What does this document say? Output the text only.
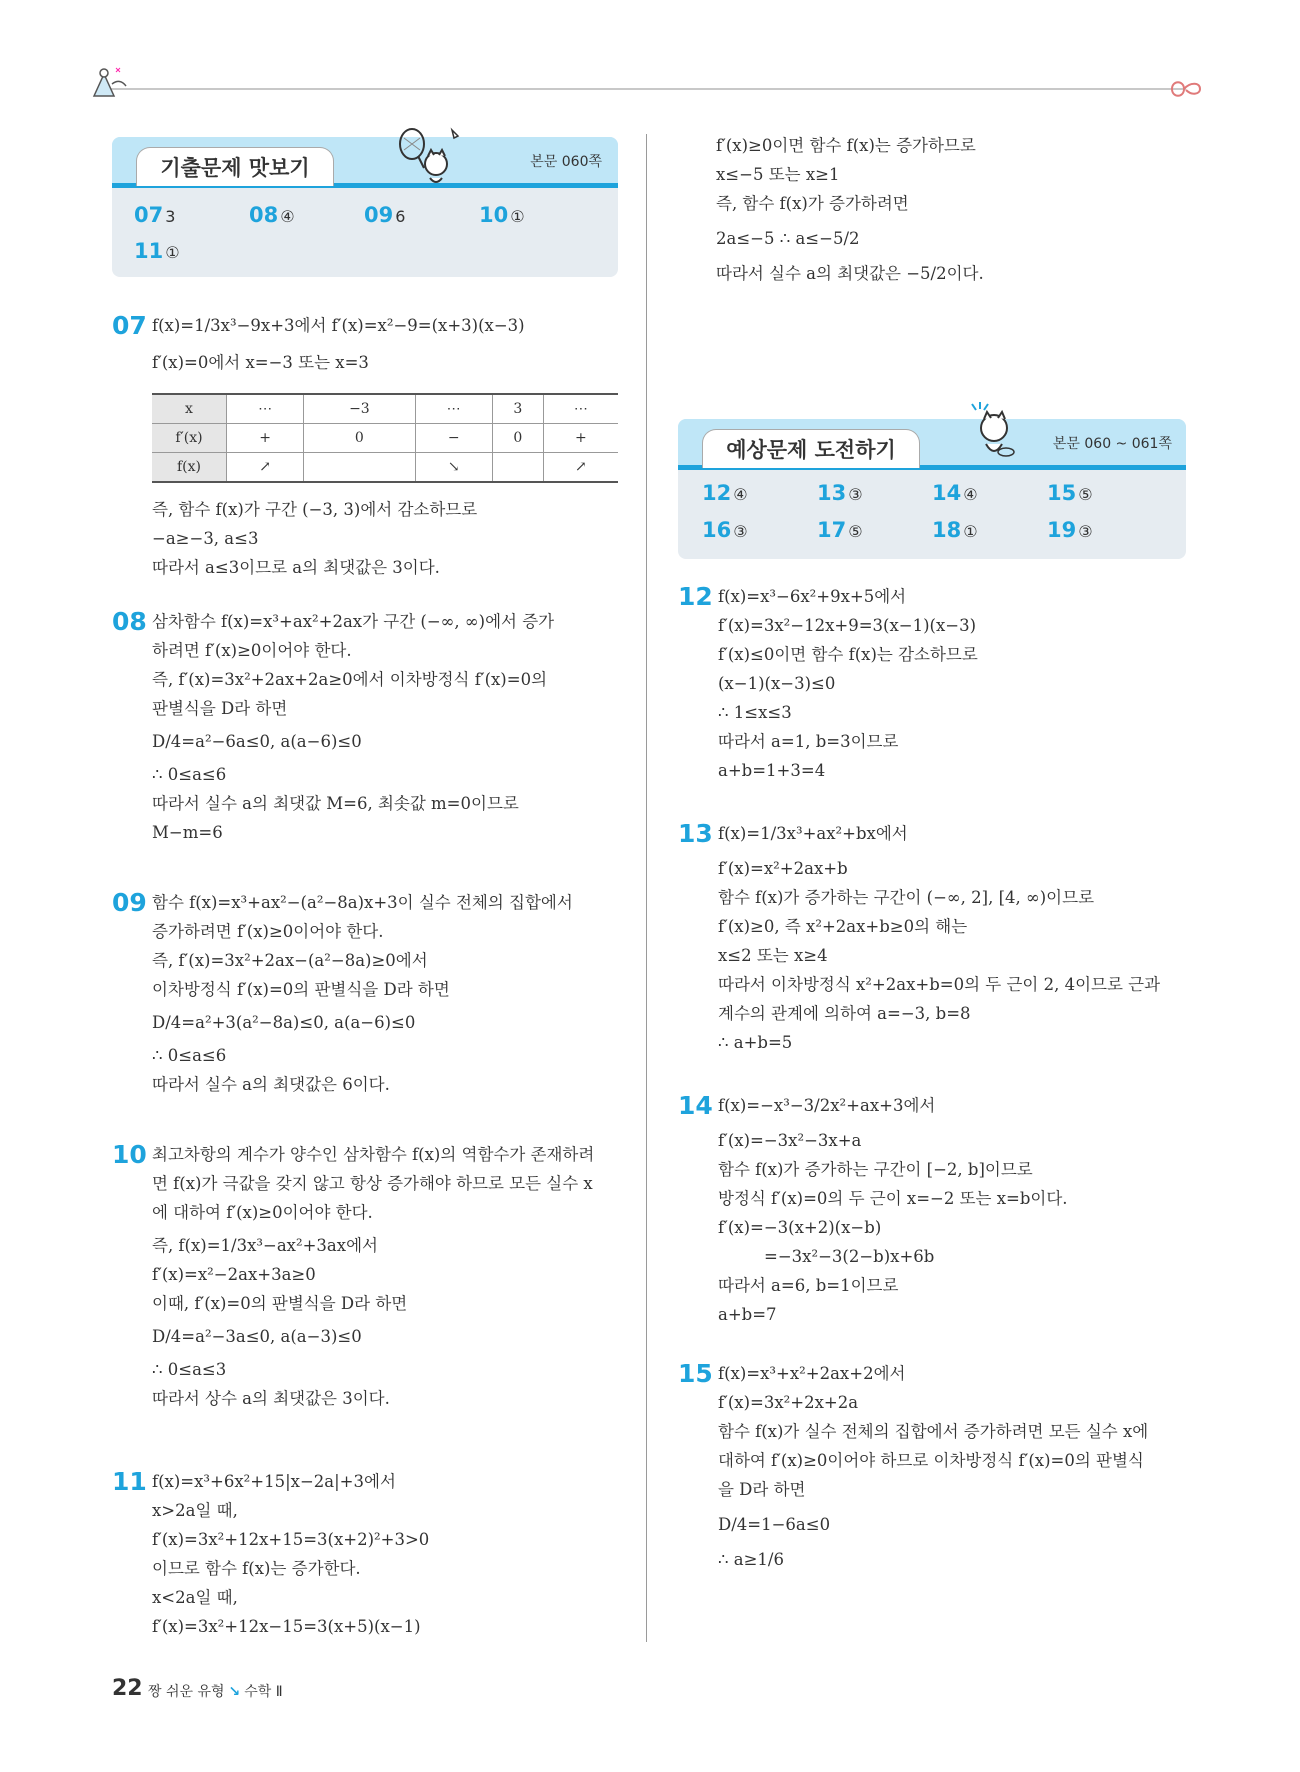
기출문제 맛보기	본문 060쪽
07 3	08 ④	09 6	10 ①
11 ①
예상문제 도전하기	본문 060 ~ 061쪽
12 ④	13 ③	14 ④	15 ⑤
16 ③	17 ⑤	18 ①	19 ③
07 f(x)=1/3x³−9x+3에서 f′(x)=x²−9=(x+3)(x−3)
f′(x)=0에서 x=−3 또는 x=3
x	⋯	−3	⋯	3	⋯
f′(x)	+	0	−	0	+
f(x)	↗		↘		↗
즉, 함수 f(x)가 구간 (−3, 3)에서 감소하므로
−a≥−3, a≤3
따라서 a≤3이므로 a의 최댓값은 3이다.
08 삼차함수 f(x)=x³+ax²+2ax가 구간 (−∞, ∞)에서 증가
하려면 f′(x)≥0이어야 한다.
즉, f′(x)=3x²+2ax+2a≥0에서 이차방정식 f′(x)=0의
판별식을 D라 하면
D/4=a²−6a≤0, a(a−6)≤0
∴ 0≤a≤6
따라서 실수 a의 최댓값 M=6, 최솟값 m=0이므로
M−m=6
09 함수 f(x)=x³+ax²−(a²−8a)x+3이 실수 전체의 집합에서
증가하려면 f′(x)≥0이어야 한다.
즉, f′(x)=3x²+2ax−(a²−8a)≥0에서
이차방정식 f′(x)=0의 판별식을 D라 하면
D/4=a²+3(a²−8a)≤0, a(a−6)≤0
∴ 0≤a≤6
따라서 실수 a의 최댓값은 6이다.
10 최고차항의 계수가 양수인 삼차함수 f(x)의 역함수가 존재하려
면 f(x)가 극값을 갖지 않고 항상 증가해야 하므로 모든 실수 x
에 대하여 f′(x)≥0이어야 한다.
즉, f(x)=1/3x³−ax²+3ax에서
f′(x)=x²−2ax+3a≥0
이때, f′(x)=0의 판별식을 D라 하면
D/4=a²−3a≤0, a(a−3)≤0
∴ 0≤a≤3
따라서 상수 a의 최댓값은 3이다.
11 f(x)=x³+6x²+15|x−2a|+3에서
x>2a일 때,
f′(x)=3x²+12x+15=3(x+2)²+3>0
이므로 함수 f(x)는 증가한다.
x<2a일 때,
f′(x)=3x²+12x−15=3(x+5)(x−1)
f′(x)≥0이면 함수 f(x)는 증가하므로
x≤−5 또는 x≥1
즉, 함수 f(x)가 증가하려면
2a≤−5 ∴ a≤−5/2
따라서 실수 a의 최댓값은 −5/2이다.
12 f(x)=x³−6x²+9x+5에서
f′(x)=3x²−12x+9=3(x−1)(x−3)
f′(x)≤0이면 함수 f(x)는 감소하므로
(x−1)(x−3)≤0
∴ 1≤x≤3
따라서 a=1, b=3이므로
a+b=1+3=4
13 f(x)=1/3x³+ax²+bx에서
f′(x)=x²+2ax+b
함수 f(x)가 증가하는 구간이 (−∞, 2], [4, ∞)이므로
f′(x)≥0, 즉 x²+2ax+b≥0의 해는
x≤2 또는 x≥4
따라서 이차방정식 x²+2ax+b=0의 두 근이 2, 4이므로 근과
계수의 관계에 의하여 a=−3, b=8
∴ a+b=5
14 f(x)=−x³−3/2x²+ax+3에서
f′(x)=−3x²−3x+a
함수 f(x)가 증가하는 구간이 [−2, b]이므로
방정식 f′(x)=0의 두 근이 x=−2 또는 x=b이다.
f′(x)=−3(x+2)(x−b)
=−3x²−3(2−b)x+6b
따라서 a=6, b=1이므로
a+b=7
15 f(x)=x³+x²+2ax+2에서
f′(x)=3x²+2x+2a
함수 f(x)가 실수 전체의 집합에서 증가하려면 모든 실수 x에
대하여 f′(x)≥0이어야 하므로 이차방정식 f′(x)=0의 판별식
을 D라 하면
D/4=1−6a≤0
∴ a≥1/6
22 짱 쉬운 유형 ↘ 수학 Ⅱ
